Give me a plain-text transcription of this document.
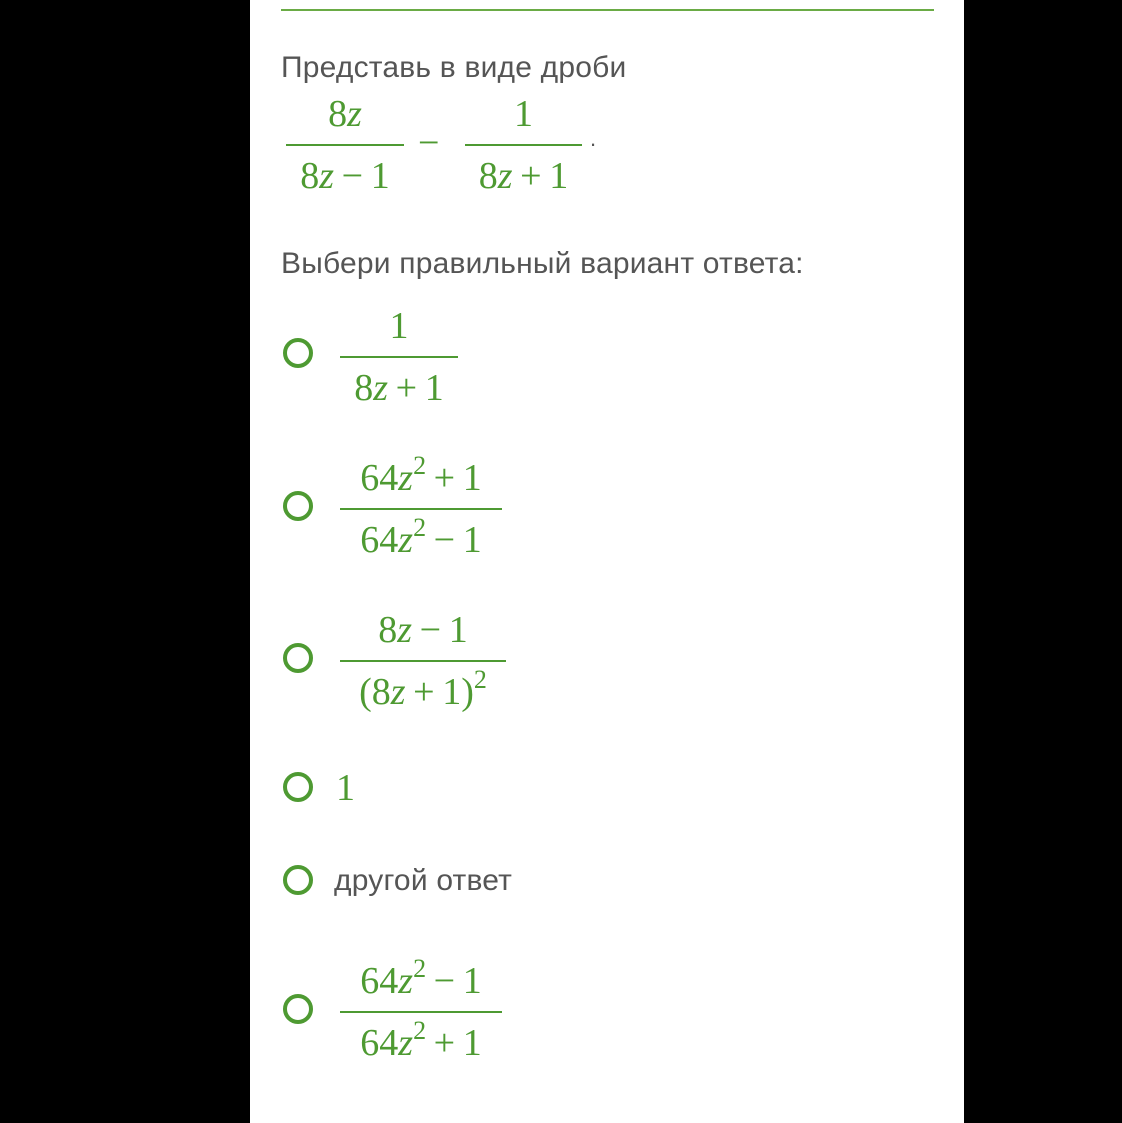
Представь в виде дроби
8z
8z  −  1
−
1
8z  +  1
.
Выбери правильный вариант ответа:
1
8z  +  1
$64z^2 + 1$
$64z^2 - 1$
8z  −  1
$(8z + 1)^2$
1
другой ответ
$64z^2 - 1$
$64z^2 + 1$
